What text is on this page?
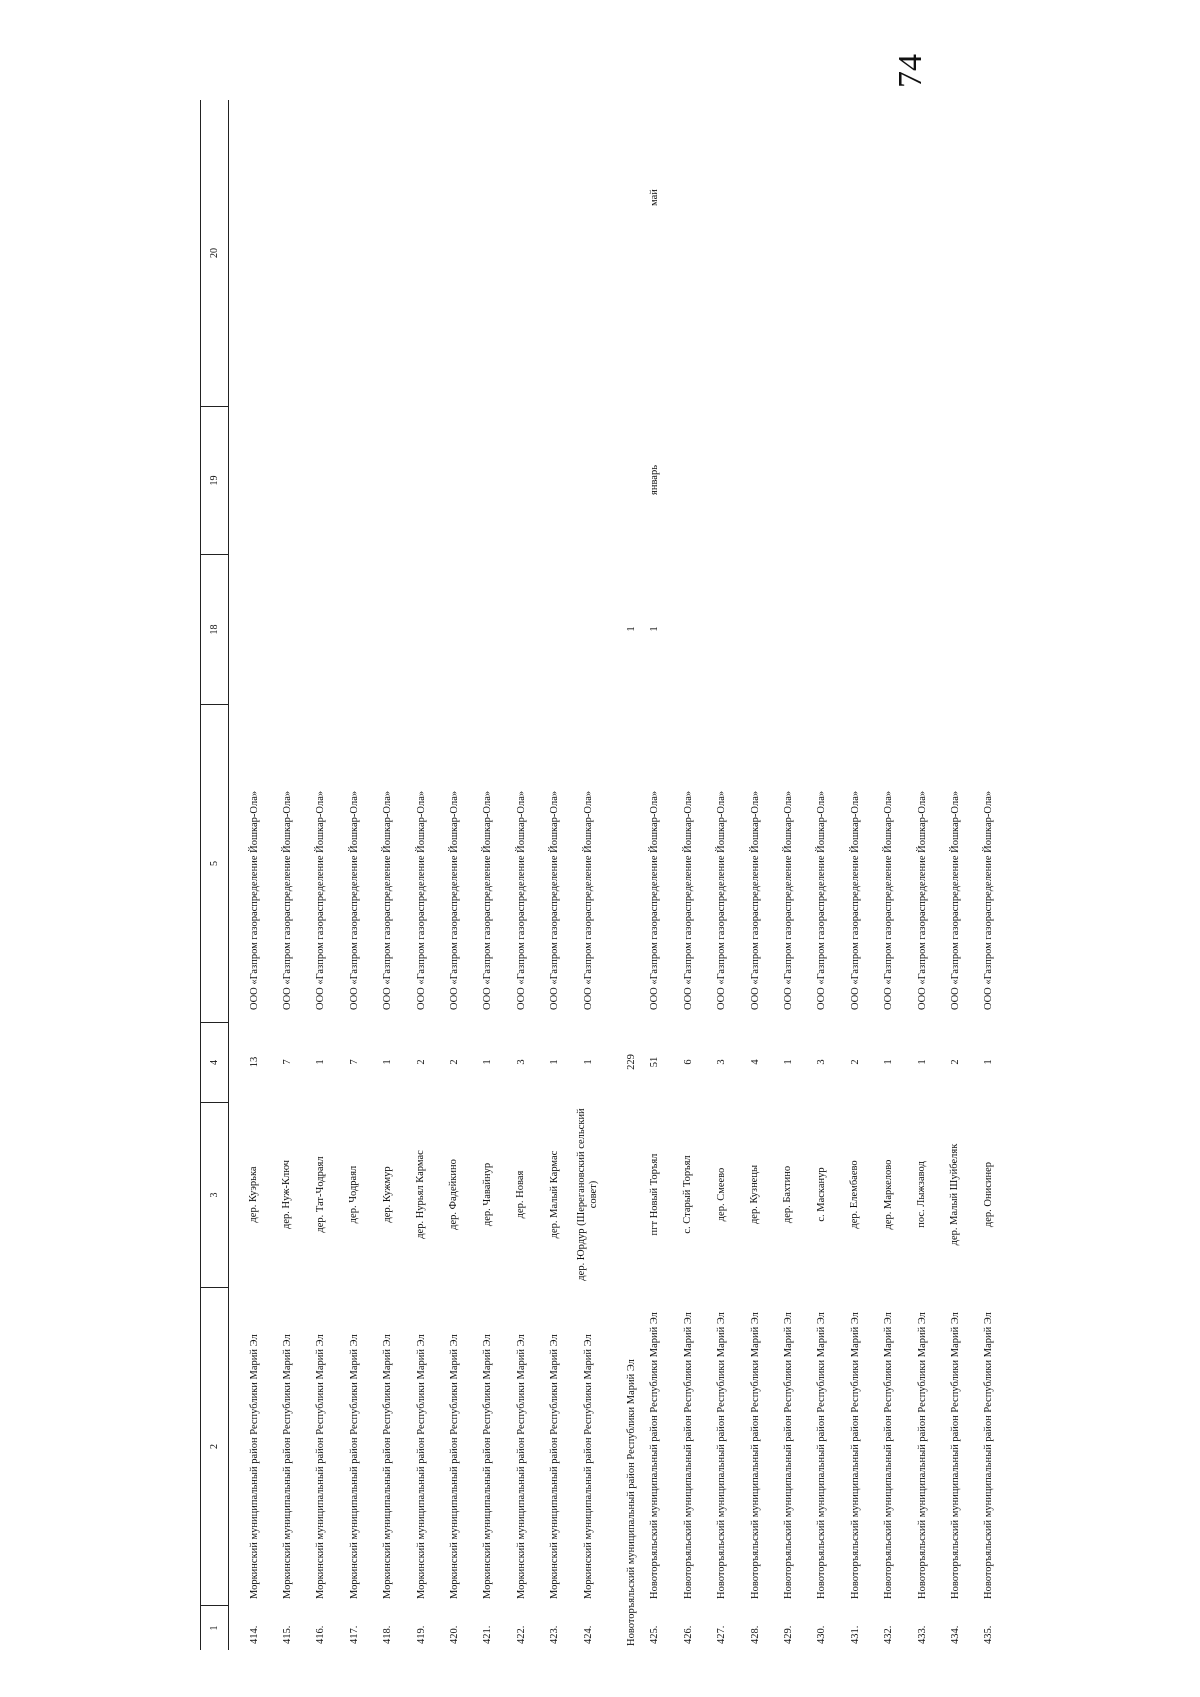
74
1
2
3
4
5
18
19
20
414.
Моркинский муниципальный район Республики Марий Эл
дер. Куэрька
13
ООО «Газпром газораспределение Йошкар-Ола»
415.
Моркинский муниципальный район Республики Марий Эл
дер. Нуж-Ключ
7
ООО «Газпром газораспределение Йошкар-Ола»
416.
Моркинский муниципальный район Республики Марий Эл
дер. Тат-Чодраял
1
ООО «Газпром газораспределение Йошкар-Ола»
417.
Моркинский муниципальный район Республики Марий Эл
дер. Чодраял
7
ООО «Газпром газораспределение Йошкар-Ола»
418.
Моркинский муниципальный район Республики Марий Эл
дер. Кужмур
1
ООО «Газпром газораспределение Йошкар-Ола»
419.
Моркинский муниципальный район Республики Марий Эл
дер. Нурьял Кармас
2
ООО «Газпром газораспределение Йошкар-Ола»
420.
Моркинский муниципальный район Республики Марий Эл
дер. Фадейкино
2
ООО «Газпром газораспределение Йошкар-Ола»
421.
Моркинский муниципальный район Республики Марий Эл
дер. Чавайнур
1
ООО «Газпром газораспределение Йошкар-Ола»
422.
Моркинский муниципальный район Республики Марий Эл
дер. Новая
3
ООО «Газпром газораспределение Йошкар-Ола»
423.
Моркинский муниципальный район Республики Марий Эл
дер. Малый Кармас
1
ООО «Газпром газораспределение Йошкар-Ола»
424.
Моркинский муниципальный район Республики Марий Эл
дер. Юрдур (Шерегановский сельский совет)
1
ООО «Газпром газораспределение Йошкар-Ола»
Новоторъяльский муниципальный район Республики Марий Эл
229
1
425.
Новоторъяльский муниципальный район Республики Марий Эл
пгт Новый Торъял
51
ООО «Газпром газораспределение Йошкар-Ола»
1
январь
май
426.
Новоторъяльский муниципальный район Республики Марий Эл
с. Старый Торъял
6
ООО «Газпром газораспределение Йошкар-Ола»
427.
Новоторъяльский муниципальный район Республики Марий Эл
дер. Смеево
3
ООО «Газпром газораспределение Йошкар-Ола»
428.
Новоторъяльский муниципальный район Республики Марий Эл
дер. Кузнецы
4
ООО «Газпром газораспределение Йошкар-Ола»
429.
Новоторъяльский муниципальный район Республики Марий Эл
дер. Бахтино
1
ООО «Газпром газораспределение Йошкар-Ола»
430.
Новоторъяльский муниципальный район Республики Марий Эл
с. Масканур
3
ООО «Газпром газораспределение Йошкар-Ола»
431.
Новоторъяльский муниципальный район Республики Марий Эл
дер. Елембаево
2
ООО «Газпром газораспределение Йошкар-Ола»
432.
Новоторъяльский муниципальный район Республики Марий Эл
дер. Маркелово
1
ООО «Газпром газораспределение Йошкар-Ола»
433.
Новоторъяльский муниципальный район Республики Марий Эл
пос. Лыжзавод
1
ООО «Газпром газораспределение Йошкар-Ола»
434.
Новоторъяльский муниципальный район Республики Марий Эл
дер. Малый Шуйбеляк
2
ООО «Газпром газораспределение Йошкар-Ола»
435.
Новоторъяльский муниципальный район Республики Марий Эл
дер. Онисинер
1
ООО «Газпром газораспределение Йошкар-Ола»
